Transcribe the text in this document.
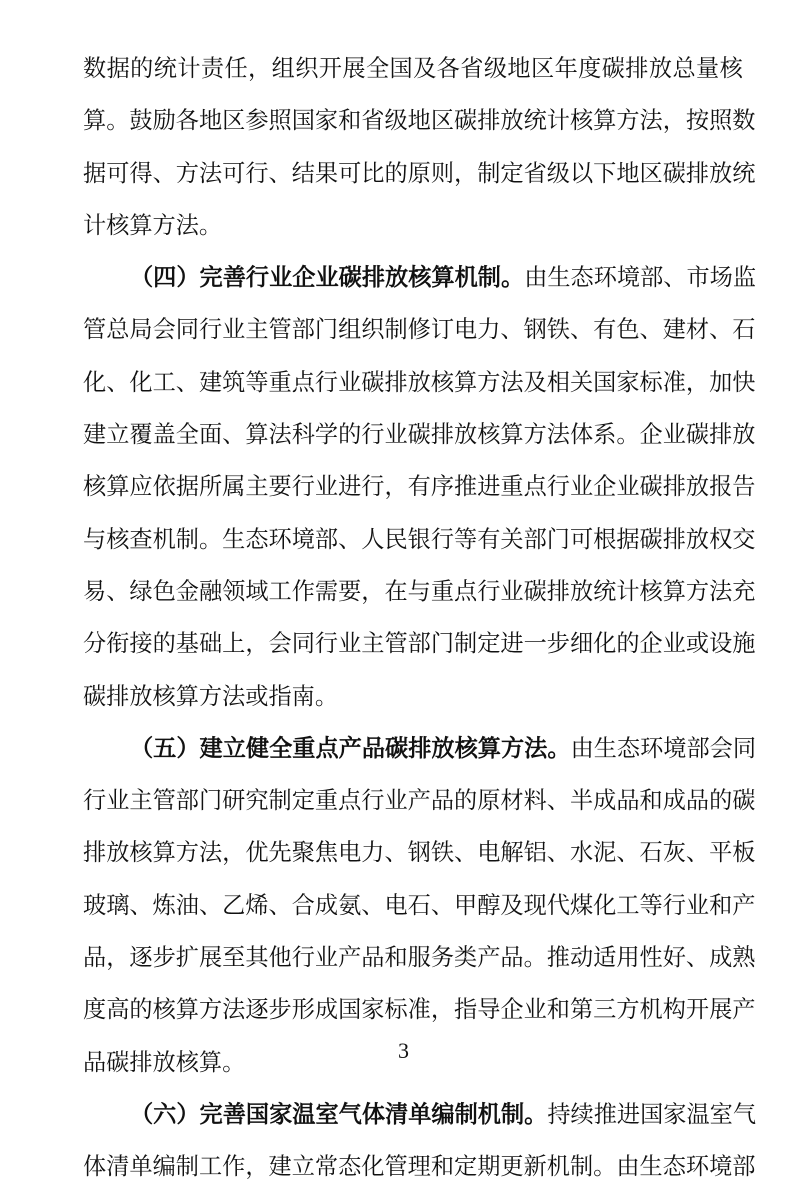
数 据 的 统 计 责 任 ， 组 织 开 展 全 国 及 各 省 级 地 区 年 度 碳 排 放 总 量 核
算 。 鼓 励 各 地 区 参 照 国 家 和 省 级 地 区 碳 排 放 统 计 核 算 方 法 ， 按 照 数
据 可 得 、 方 法 可 行 、 结 果 可 比 的 原 则 ， 制 定 省 级 以 下 地 区 碳 排 放 统
计核算方法。
（四）完善行业企业碳排放核算机制。 由生态环境部、市场监
管 总 局 会 同 行 业 主 管 部 门 组 织 制 修 订 电 力 、 钢 铁 、 有 色 、 建 材 、 石
化 、 化 工 、 建 筑 等 重 点 行 业 碳 排 放 核 算 方 法 及 相 关 国 家 标 准 ， 加 快
建 立 覆 盖 全 面 、 算 法 科 学 的 行 业 碳 排 放 核 算 方 法 体 系 。 企 业 碳 排 放
核 算 应 依 据 所 属 主 要 行 业 进 行 ， 有 序 推 进 重 点 行 业 企 业 碳 排 放 报 告
与 核 查 机 制 。 生 态 环 境 部 、 人 民 银 行 等 有 关 部 门 可 根 据 碳 排 放 权 交
易 、 绿 色 金 融 领 域 工 作 需 要 ， 在 与 重 点 行 业 碳 排 放 统 计 核 算 方 法 充
分 衔 接 的 基 础 上 ， 会 同 行 业 主 管 部 门 制 定 进 一 步 细 化 的 企 业 或 设 施
碳排放核算方法或指南。
（五）建立健全重点产品碳排放核算方法。 由生态环境部会同
行 业 主 管 部 门 研 究 制 定 重 点 行 业 产 品 的 原 材 料 、 半 成 品 和 成 品 的 碳
排 放 核 算 方 法 ， 优 先 聚 焦 电 力 、 钢 铁 、 电 解 铝 、 水 泥 、 石 灰 、 平 板
玻 璃 、 炼 油 、 乙 烯 、 合 成 氨 、 电 石 、 甲 醇 及 现 代 煤 化 工 等 行 业 和 产
品 ， 逐 步 扩 展 至 其 他 行 业 产 品 和 服 务 类 产 品 。 推 动 适 用 性 好 、 成 熟
度 高 的 核 算 方 法 逐 步 形 成 国 家 标 准 ， 指 导 企 业 和 第 三 方 机 构 开 展 产
品碳排放核算。
（六）完善国家温室气体清单编制机制。 持续推进国家温室气
体 清 单 编 制 工 作 ， 建 立 常 态 化 管 理 和 定 期 更 新 机 制 。 由 生 态 环 境 部
3
